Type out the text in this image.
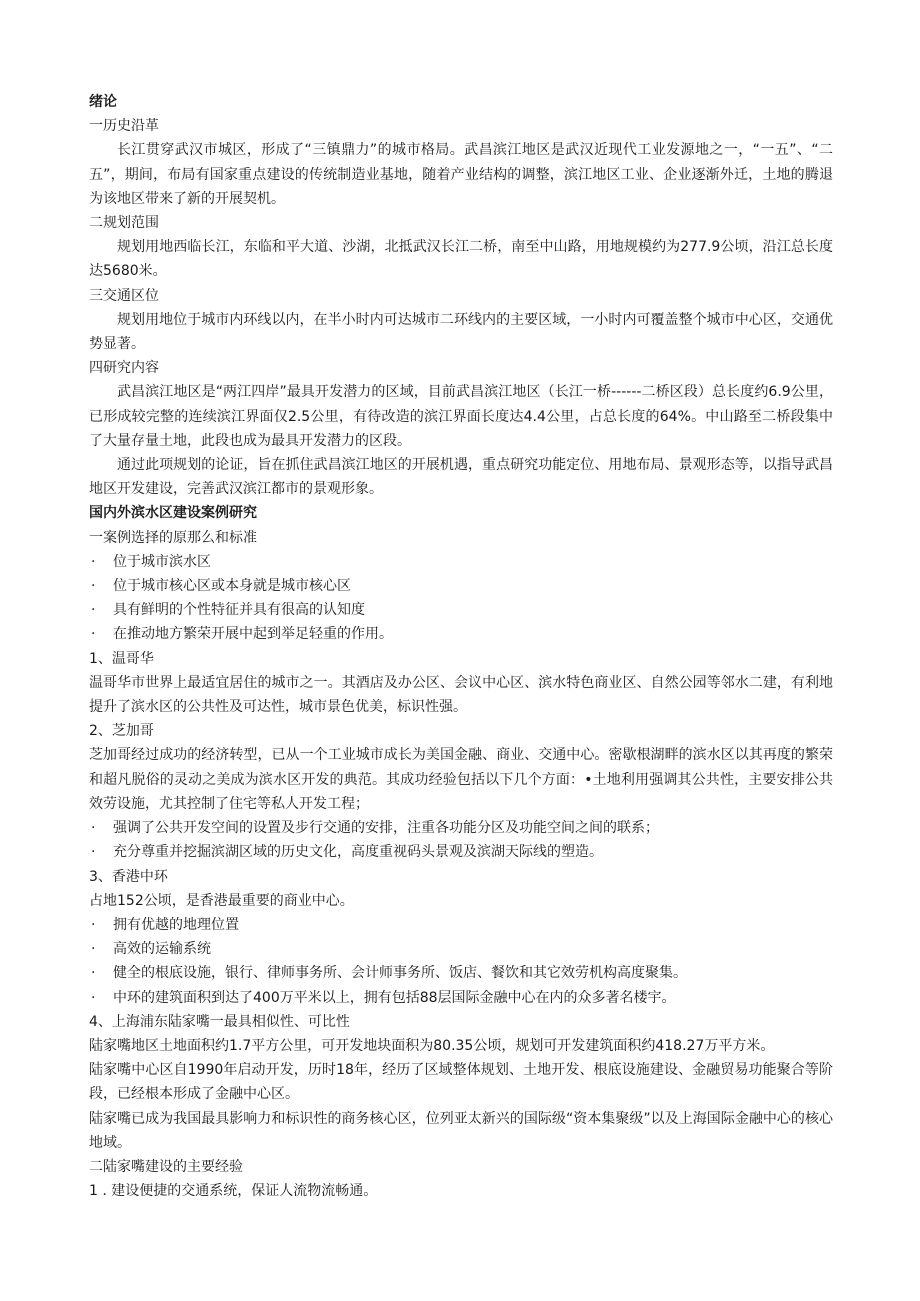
绪论

一历史沿革

长江贯穿武汉市城区，形成了“三镇鼎力”的城市格局。武昌滨江地区是武汉近现代工业发源地之一，“一五”、“二五”，期间，布局有国家重点建设的传统制造业基地，随着产业结构的调整，滨江地区工业、企业逐渐外迁，土地的腾退为该地区带来了新的开展契机。

二规划范围

规划用地西临长江，东临和平大道、沙湖，北抵武汉长江二桥，南至中山路，用地规模约为277.9公顷，沿江总长度达5680米。

三交通区位

规划用地位于城市内环线以内，在半小时内可达城市二环线内的主要区域，一小时内可覆盖整个城市中心区，交通优势显著。

四研究内容

武昌滨江地区是“两江四岸”最具开发潜力的区域，目前武昌滨江地区（长江一桥------二桥区段）总长度约6.9公里，已形成较完整的连续滨江界面仅2.5公里，有待改造的滨江界面长度达4.4公里，占总长度的64%。中山路至二桥段集中了大量存量土地，此段也成为最具开发潜力的区段。

通过此项规划的论证，旨在抓住武昌滨江地区的开展机遇，重点研究功能定位、用地布局、景观形态等，以指导武昌地区开发建设，完善武汉滨江都市的景观形象。

国内外滨水区建设案例研究

一案例选择的原那么和标准

·	位于城市滨水区
·	位于城市核心区或本身就是城市核心区
·	具有鲜明的个性特征并具有很高的认知度
·	在推动地方繁荣开展中起到举足轻重的作用。

1、温哥华

温哥华市世界上最适宜居住的城市之一。其酒店及办公区、会议中心区、滨水特色商业区、自然公园等邻水二建，有利地提升了滨水区的公共性及可达性，城市景色优美，标识性强。

2、芝加哥

芝加哥经过成功的经济转型，已从一个工业城市成长为美国金融、商业、交通中心。密歇根湖畔的滨水区以其再度的繁荣和超凡脱俗的灵动之美成为滨水区开发的典范。其成功经验包括以下几个方面：•土地利用强调其公共性，主要安排公共效劳设施，尤其控制了住宅等私人开发工程；

·	强调了公共开发空间的设置及步行交通的安排，注重各功能分区及功能空间之间的联系；
·	充分尊重并挖掘滨湖区域的历史文化，高度重视码头景观及滨湖天际线的塑造。

3、香港中环

占地152公顷，是香港最重要的商业中心。

·	拥有优越的地理位置
·	高效的运输系统
·	健全的根底设施，银行、律师事务所、会计师事务所、饭店、餐饮和其它效劳机构高度聚集。
·	中环的建筑面积到达了400万平米以上，拥有包括88层国际金融中心在内的众多著名楼宇。

4、上海浦东陆家嘴一最具相似性、可比性

陆家嘴地区土地面积约1.7平方公里，可开发地块面积为80.35公顷，规划可开发建筑面积约418.27万平方米。

陆家嘴中心区自1990年启动开发，历时18年，经历了区域整体规划、土地开发、根底设施建设、金融贸易功能聚合等阶段，已经根本形成了金融中心区。

陆家嘴已成为我国最具影响力和标识性的商务核心区，位列亚太新兴的国际级“资本集聚级”以及上海国际金融中心的核心地域。

二陆家嘴建设的主要经验

1 . 建设便捷的交通系统，保证人流物流畅通。
